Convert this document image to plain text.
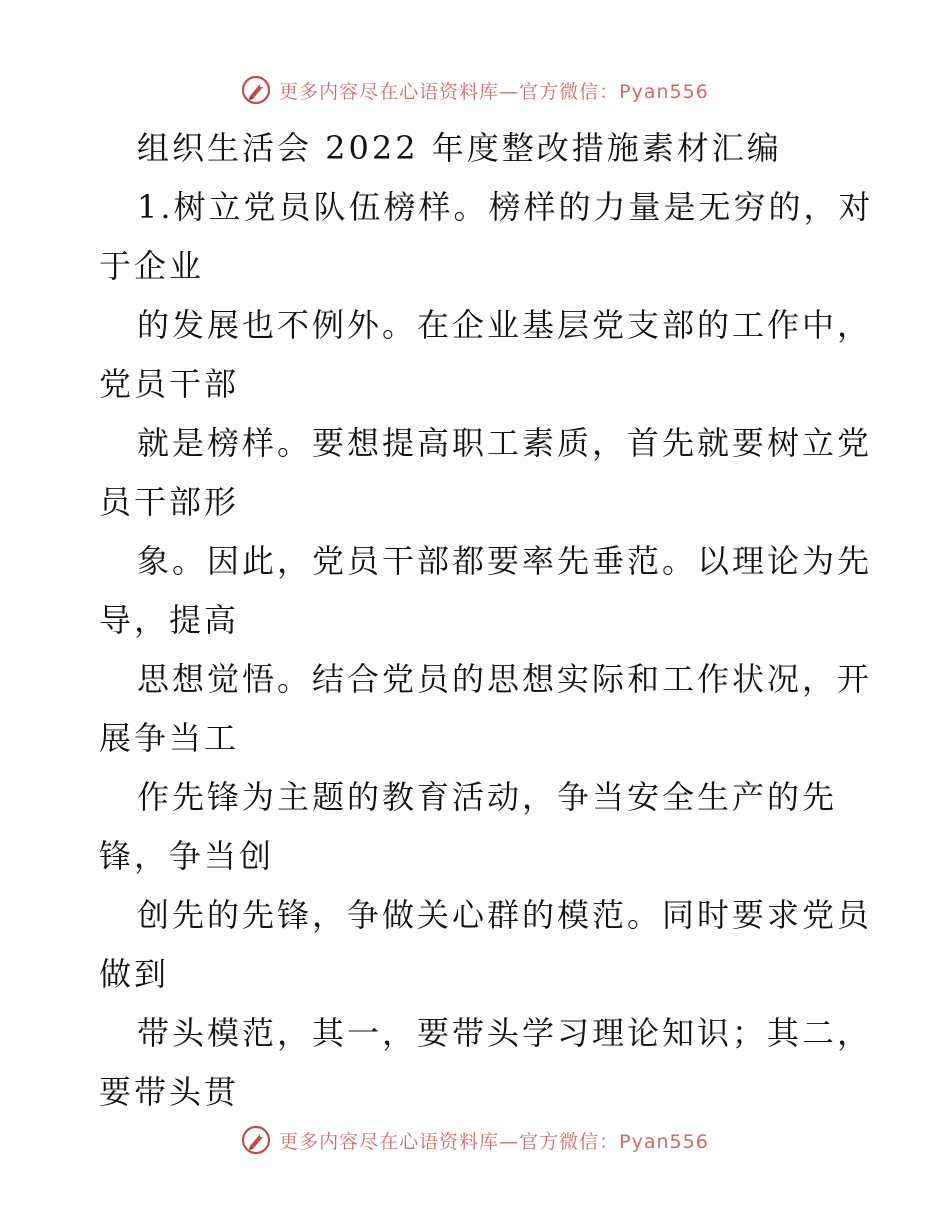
更多内容尽在心语资料库—官方微信：Pyan556
组织生活会 2022 年度整改措施素材汇编
1.树立党员队伍榜样。榜样的力量是无穷的，对
于企业
的发展也不例外。在企业基层党支部的工作中，
党员干部
就是榜样。要想提高职工素质，首先就要树立党
员干部形
象。因此，党员干部都要率先垂范。以理论为先
导，提高
思想觉悟。结合党员的思想实际和工作状况，开
展争当工
作先锋为主题的教育活动，争当安全生产的先
锋，争当创
创先的先锋，争做关心群的模范。同时要求党员
做到
带头模范，其一，要带头学习理论知识；其二，
要带头贯
更多内容尽在心语资料库—官方微信：Pyan556
